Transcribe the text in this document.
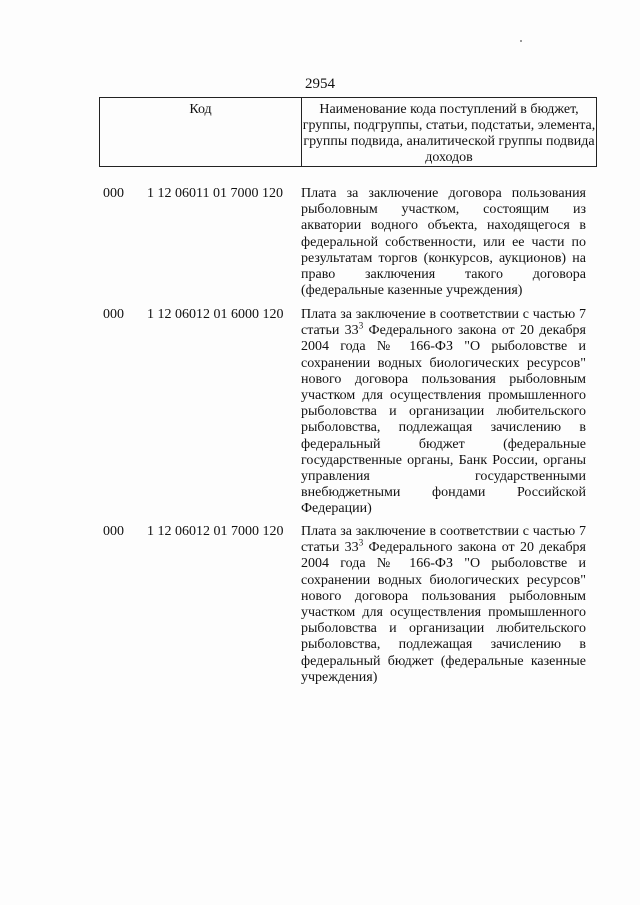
2954
Код	Наименование кода поступлений в бюджет, группы, подгруппы, статьи, подстатьи, элемента, группы подвида, аналитической группы подвида доходов
000 1 12 06011 01 7000 120 Плата за заключение договора пользования рыболовным участком, состоящим из акватории водного объекта, находящегося в федеральной собственности, или ее части по результатам торгов (конкурсов, аукционов) на право заключения такого договора (федеральные казенные учреждения)

000 1 12 06012 01 6000 120 Плата за заключение в соответствии с частью 7 статьи $33^3$ Федерального закона от 20 декабря 2004 года № 166-ФЗ "О рыболовстве и сохранении водных биологических ресурсов" нового договора пользования рыболовным участком для осуществления промышленного рыболовства и организации любительского рыболовства, подлежащая зачислению в федеральный бюджет (федеральные государственные органы, Банк России, органы управления государственными внебюджетными фондами Российской Федерации)

000 1 12 06012 01 7000 120 Плата за заключение в соответствии с частью 7 статьи $33^3$ Федерального закона от 20 декабря 2004 года № 166-ФЗ "О рыболовстве и сохранении водных биологических ресурсов" нового договора пользования рыболовным участком для осуществления промышленного рыболовства и организации любительского рыболовства, подлежащая зачислению в федеральный бюджет (федеральные казенные учреждения)
